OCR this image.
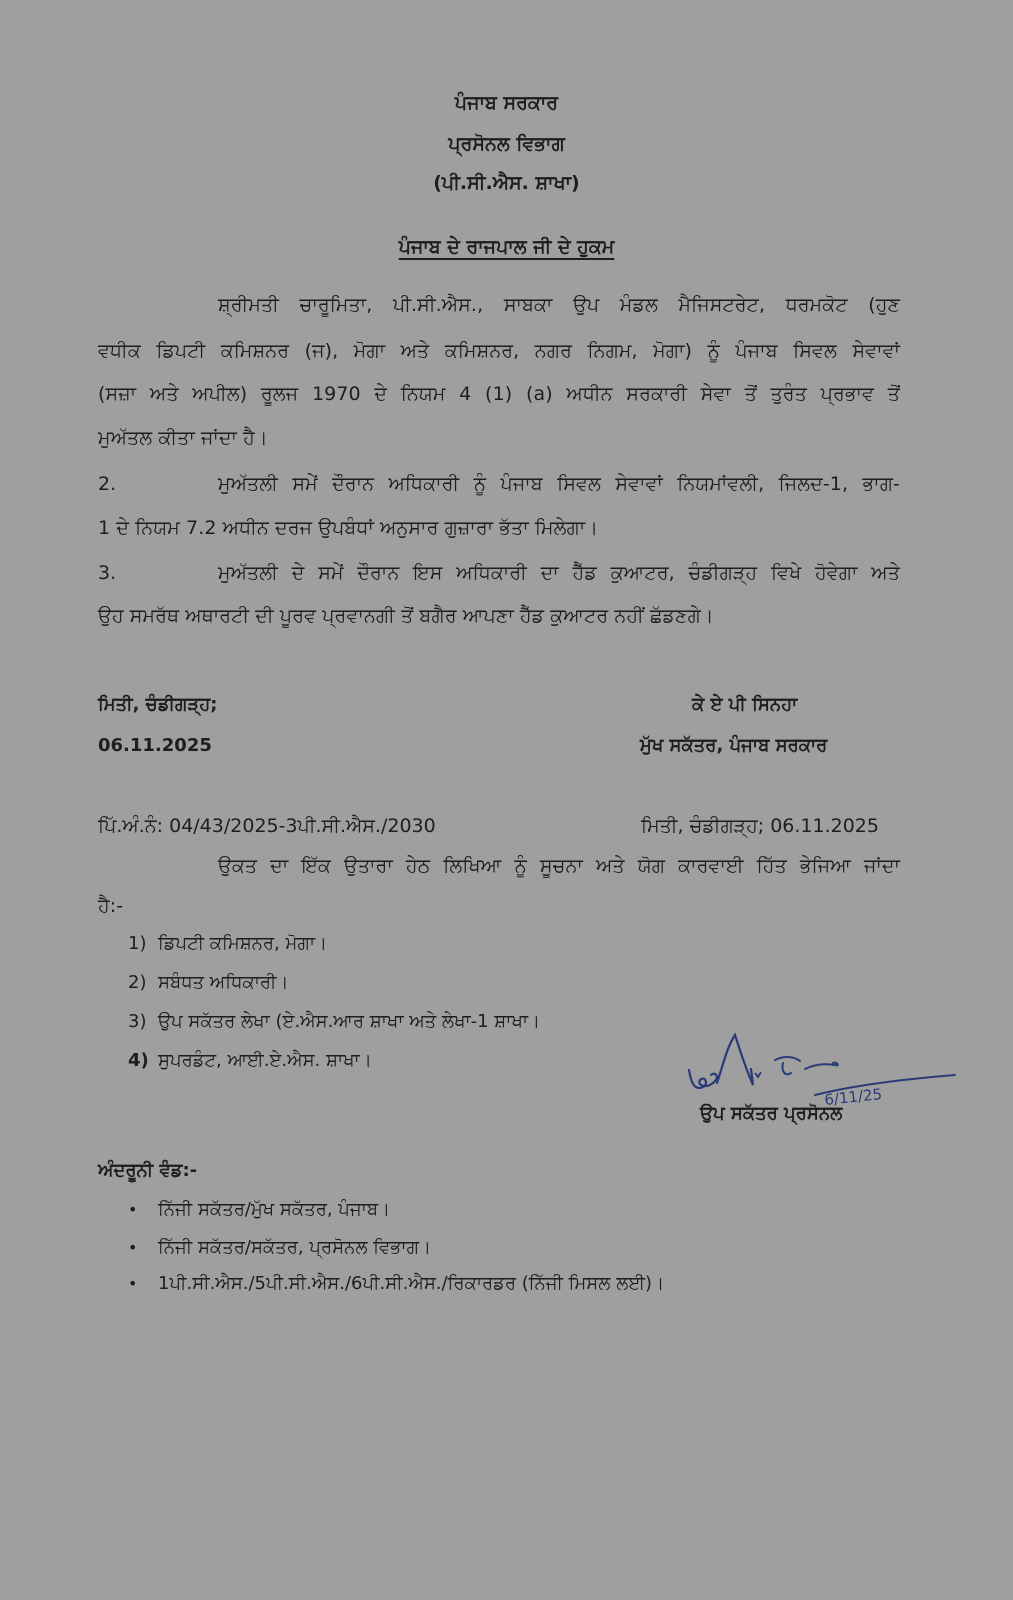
ਪੰਜਾਬ ਸਰਕਾਰ
ਪ੍ਰਸੋਨਲ ਵਿਭਾਗ
(ਪੀ.ਸੀ.ਐਸ. ਸ਼ਾਖਾ)
ਪੰਜਾਬ ਦੇ ਰਾਜਪਾਲ ਜੀ ਦੇ ਹੁਕਮ
ਸ਼੍ਰੀਮਤੀ ਚਾਰੂਮਿਤਾ, ਪੀ.ਸੀ.ਐਸ., ਸਾਬਕਾ ਉਪ ਮੰਡਲ ਮੈਜਿਸਟਰੇਟ, ਧਰਮਕੋਟ (ਹੁਣ
ਵਧੀਕ ਡਿਪਟੀ ਕਮਿਸ਼ਨਰ (ਜ), ਮੋਗਾ ਅਤੇ ਕਮਿਸ਼ਨਰ, ਨਗਰ ਨਿਗਮ, ਮੋਗਾ) ਨੂੰ ਪੰਜਾਬ ਸਿਵਲ ਸੇਵਾਵਾਂ
(ਸਜ਼ਾ ਅਤੇ ਅਪੀਲ) ਰੂਲਜ 1970 ਦੇ ਨਿਯਮ 4 (1) (a) ਅਧੀਨ ਸਰਕਾਰੀ ਸੇਵਾ ਤੋਂ ਤੁਰੰਤ ਪ੍ਰਭਾਵ ਤੋਂ
ਮੁਅੱਤਲ ਕੀਤਾ ਜਾਂਦਾ ਹੈ।
2.	ਮੁਅੱਤਲੀ ਸਮੇਂ ਦੌਰਾਨ ਅਧਿਕਾਰੀ ਨੂੰ ਪੰਜਾਬ ਸਿਵਲ ਸੇਵਾਵਾਂ ਨਿਯਮਾਂਵਲੀ, ਜਿਲਦ-1, ਭਾਗ-
1 ਦੇ ਨਿਯਮ 7.2 ਅਧੀਨ ਦਰਜ ਉਪਬੰਧਾਂ ਅਨੁਸਾਰ ਗੁਜ਼ਾਰਾ ਭੱਤਾ ਮਿਲੇਗਾ।
3.	ਮੁਅੱਤਲੀ ਦੇ ਸਮੇਂ ਦੌਰਾਨ ਇਸ ਅਧਿਕਾਰੀ ਦਾ ਹੈੱਡ ਕੁਆਟਰ, ਚੰਡੀਗੜ੍ਹ ਵਿਖੇ ਹੋਵੇਗਾ ਅਤੇ
ਉਹ ਸਮਰੱਥ ਅਥਾਰਟੀ ਦੀ ਪੂਰਵ ਪ੍ਰਵਾਨਗੀ ਤੋਂ ਬਗੈਰ ਆਪਣਾ ਹੈੱਡ ਕੁਆਟਰ ਨਹੀਂ ਛੱਡਣਗੇ।
ਮਿਤੀ, ਚੰਡੀਗੜ੍ਹ;
06.11.2025
ਕੇ ਏ ਪੀ ਸਿਨਹਾ
ਮੁੱਖ ਸਕੱਤਰ, ਪੰਜਾਬ ਸਰਕਾਰ
ਪਿੱ.ਅੰ.ਨੰ: 04/43/2025-3ਪੀ.ਸੀ.ਐਸ./2030	ਮਿਤੀ, ਚੰਡੀਗੜ੍ਹ; 06.11.2025
ਉਕਤ ਦਾ ਇੱਕ ਉਤਾਰਾ ਹੇਠ ਲਿਖਿਆ ਨੂੰ ਸੂਚਨਾ ਅਤੇ ਯੋਗ ਕਾਰਵਾਈ ਹਿੱਤ ਭੇਜਿਆ ਜਾਂਦਾ
ਹੈ:-
1) ਡਿਪਟੀ ਕਮਿਸ਼ਨਰ, ਮੋਗਾ।
2) ਸਬੰਧਤ ਅਧਿਕਾਰੀ।
3) ਉਪ ਸਕੱਤਰ ਲੇਖਾ (ਏ.ਐਸ.ਆਰ ਸ਼ਾਖਾ ਅਤੇ ਲੇਖਾ-1 ਸ਼ਾਖਾ।
4) ਸੁਪਰਡੰਟ, ਆਈ.ਏ.ਐਸ. ਸ਼ਾਖਾ।
6/11/25
ਉਪ ਸਕੱਤਰ ਪ੍ਰਸੋਨਲ
ਅੰਦਰੂਨੀ ਵੰਡ:-
• ਨਿੱਜੀ ਸਕੱਤਰ/ਮੁੱਖ ਸਕੱਤਰ, ਪੰਜਾਬ।
• ਨਿੱਜੀ ਸਕੱਤਰ/ਸਕੱਤਰ, ਪ੍ਰਸੋਨਲ ਵਿਭਾਗ।
• 1ਪੀ.ਸੀ.ਐਸ./5ਪੀ.ਸੀ.ਐਸ./6ਪੀ.ਸੀ.ਐਸ./ਰਿਕਾਰਡਰ (ਨਿੱਜੀ ਮਿਸਲ ਲਈ)।
